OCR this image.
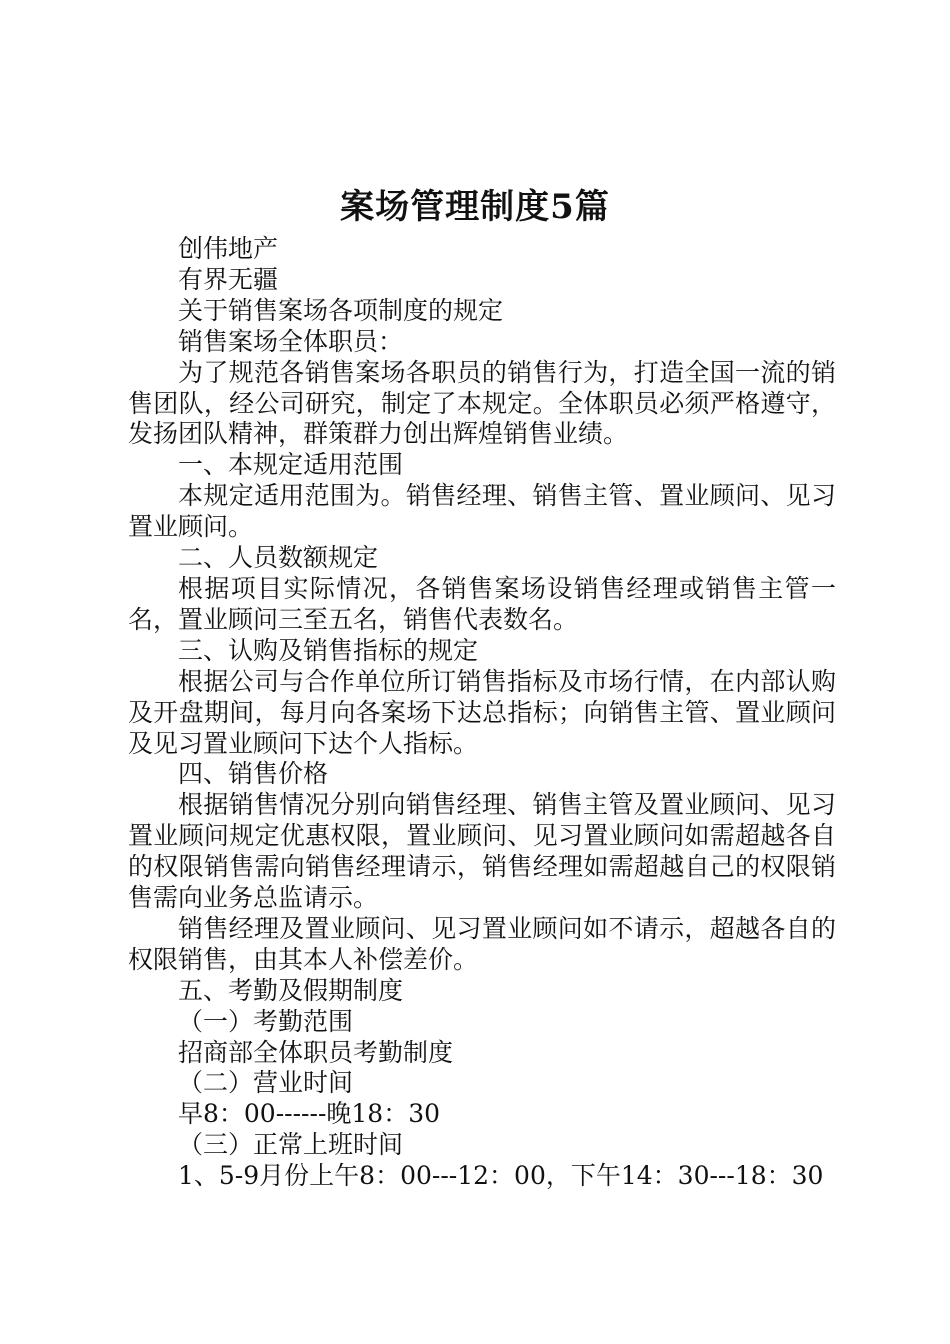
案场管理制度5篇

创伟地产

有界无疆

关于销售案场各项制度的规定

销售案场全体职员：

为了规范各销售案场各职员的销售行为，打造全国一流的销售团队，经公司研究，制定了本规定。全体职员必须严格遵守，发扬团队精神，群策群力创出辉煌销售业绩。

一、本规定适用范围

本规定适用范围为。销售经理、销售主管、置业顾问、见习置业顾问。

二、人员数额规定

根据项目实际情况，各销售案场设销售经理或销售主管一名，置业顾问三至五名，销售代表数名。

三、认购及销售指标的规定

根据公司与合作单位所订销售指标及市场行情，在内部认购及开盘期间，每月向各案场下达总指标；向销售主管、置业顾问及见习置业顾问下达个人指标。

四、销售价格

根据销售情况分别向销售经理、销售主管及置业顾问、见习置业顾问规定优惠权限，置业顾问、见习置业顾问如需超越各自的权限销售需向销售经理请示，销售经理如需超越自己的权限销售需向业务总监请示。

销售经理及置业顾问、见习置业顾问如不请示，超越各自的权限销售，由其本人补偿差价。

五、考勤及假期制度

（一）考勤范围

招商部全体职员考勤制度

（二）营业时间

早8：00------晚18：30

（三）正常上班时间

1、5-9月份上午8：00---12：00，下午14：30---18：30
